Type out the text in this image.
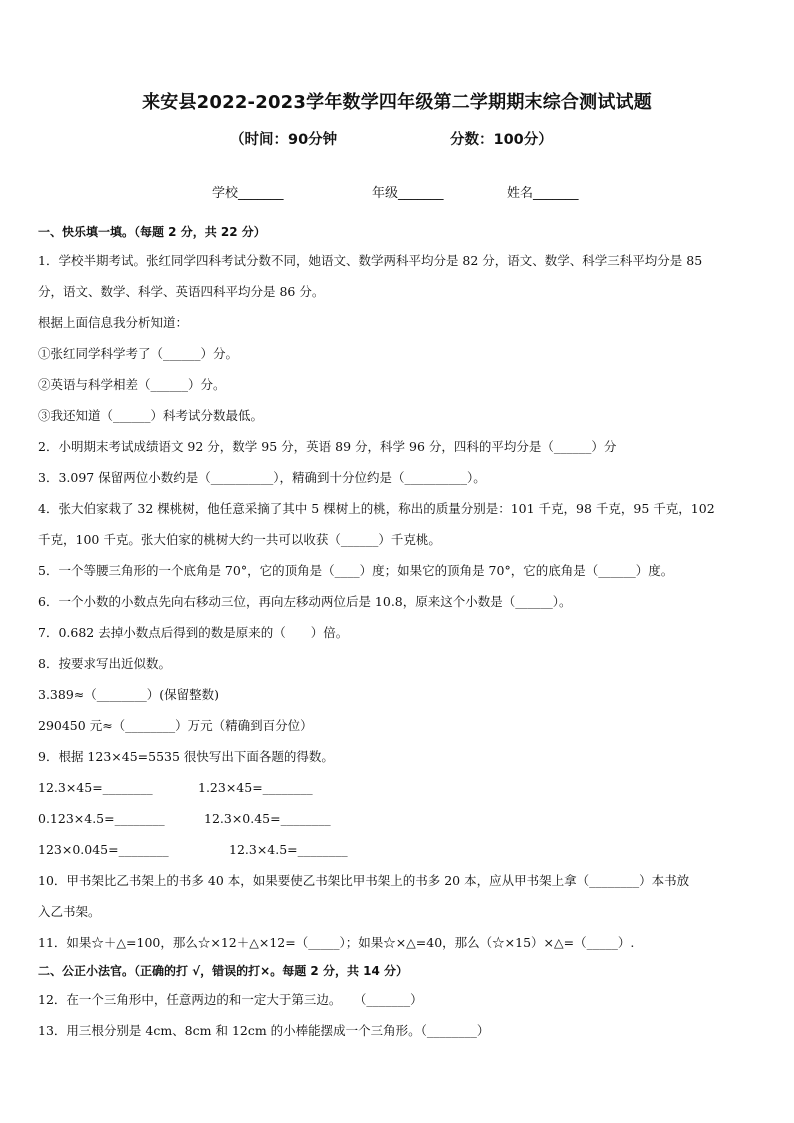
来安县2022-2023学年数学四年级第二学期期末综合测试试题
（时间：90分钟	分数：100分）
学校_______	年级_______	姓名_______
一、快乐填一填。（每题 2 分，共 22 分）
1．学校半期考试。张红同学四科考试分数不同，她语文、数学两科平均分是 82 分，语文、数学、科学三科平均分是 85
分，语文、数学、科学、英语四科平均分是 86 分。
根据上面信息我分析知道：
①张红同学科学考了（______）分。
②英语与科学相差（______）分。
③我还知道（______）科考试分数最低。
2．小明期末考试成绩语文 92 分，数学 95 分，英语 89 分，科学 96 分，四科的平均分是（______）分
3．3.097 保留两位小数约是（__________），精确到十分位约是（__________）。
4．张大伯家栽了 32 棵桃树，他任意采摘了其中 5 棵树上的桃，称出的质量分别是：101 千克，98 千克，95 千克，102
千克，100 千克。张大伯家的桃树大约一共可以收获（______）千克桃。
5．一个等腰三角形的一个底角是 70°，它的顶角是（____）度；如果它的顶角是 70°，它的底角是（______）度。
6．一个小数的小数点先向右移动三位，再向左移动两位后是 10.8，原来这个小数是（______）。
7．0.682 去掉小数点后得到的数是原来的（　　）倍。
8．按要求写出近似数。
3.389≈（________）(保留整数)
290450 元≈（________）万元（精确到百分位）
9．根据 123×45=5535 很快写出下面各题的得数。
12.3×45=________	1.23×45=________
0.123×4.5=________	12.3×0.45=________
123×0.045=________	12.3×4.5=________
10．甲书架比乙书架上的书多 40 本，如果要使乙书架比甲书架上的书多 20 本，应从甲书架上拿（________）本书放
入乙书架。
11．如果☆＋△=100，那么☆×12＋△×12=（_____）；如果☆×△=40，那么（☆×15）×△=（_____）.
二、公正小法官。（正确的打 √，错误的打×。每题 2 分，共 14 分）
12．在一个三角形中，任意两边的和一定大于第三边。　　（_______）
13．用三根分别是 4cm、8cm 和 12cm 的小棒能摆成一个三角形。（________）
